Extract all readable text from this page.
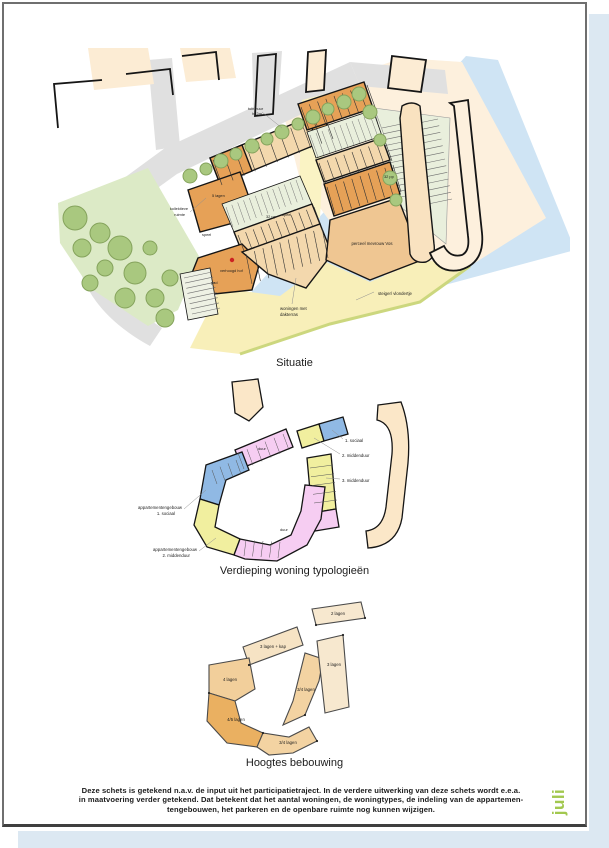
tuinmuur
h=2m
kollektieve
ruimte
5 lagen
32 pp
32 pp
speel
speel
pad
verhoogd hof
perceel mevrouw Vos
woningen met
dakterras
steiger/ vlondertje
Situatie
duur
duur
1. sociaal
2. middenduur
3. middenduur
appartementengebouw
1. sociaal
appartementengebouw
2. middenduur
Verdieping woning typologieën
2 lagen
3 lagen + kap
4 lagen
4/5 lagen
3/4 lagen
3/4 lagen
3 lagen
Hoogtes bebouwing
Deze schets is getekend n.a.v. de input uit het participatietraject. In de verdere uitwerking van deze schets wordt e.e.a.
in maatvoering verder getekend. Dat betekent dat het aantal woningen, de woningtypes, de indeling van de appartemen-
tengebouwen, het parkeren en de openbare ruimte nog kunnen wijzigen.	juli
